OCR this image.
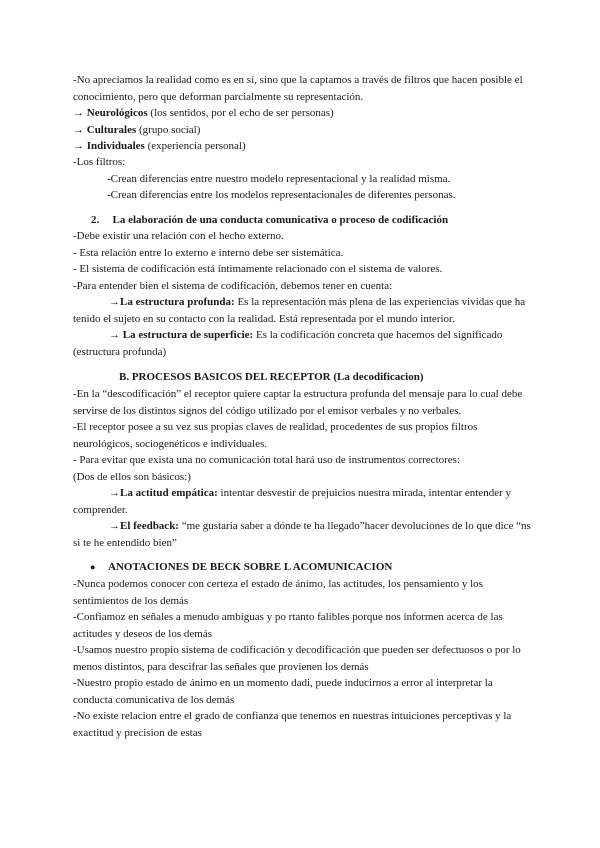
-No apreciamos la realidad como es en sí, sino que la captamos a través de filtros que hacen posible el conocimiento, pero que deforman parcialmente su representación.

→ Neurológicos (los sentidos, por el echo de ser personas)

→ Culturales (grupo social)

→ Individuales (experiencia personal)

-Los filtros:

-Crean diferencias entre nuestro modelo representacional y la realidad misma.

-Crean diferencias entre los modelos representacionales de diferentes personas.

2. La elaboración de una conducta comunicativa o proceso de codificación

-Debe existir una relación con el hecho externo.

- Esta relación entre lo externo e interno debe ser sistemática.

- El sistema de codificación está íntimamente relacionado con el sistema de valores.

-Para entender bien el sistema de codificación, debemos tener en cuenta:

→La estructura profunda: Es la representación más plena de las experiencias vividas que ha tenido el sujeto en su contacto con la realidad. Está representada por el mundo interior.

→ La estructura de superficie: Es la codificación concreta que hacemos del significado (estructura profunda)

B. PROCESOS BASICOS DEL RECEPTOR (La decodificacion)

-En la “descodificación” el receptor quiere captar la estructura profunda del mensaje para lo cual debe servirse de los distintos signos del código utilizado por el emisor verbales y no verbales.

-El receptor posee a su vez sus propias claves de realidad, procedentes de sus propios filtros neurológicos, sociogenéticos e individuales.

- Para evitar que exista una no comunicación total hará uso de instrumentos correctores:

(Dos de ellos son básicos:)

→La actitud empática: intentar desvestir de prejuicios nuestra mirada, intentar entender y comprender.

→El feedback: “me gustaria saber a dónde te ha llegado”hacer devoluciones de lo que dice “ns si te he entendido bien”

● ANOTACIONES DE BECK SOBRE L ACOMUNICACION

-Nunca podemos conocer con certeza el estado de ánimo, las actitudes, los pensamiento y los sentimientos de los demás

-Confiamoz en señales a menudo ambiguas y po rtanto falibles porque nos informen acerca de las actitudes y deseos de los demás

-Usamos nuestro propio sistema de codificación y decodificación que pueden ser defectuosos o por lo menos distintos, para descifrar las señales que provienen los demás

-Nuestro propio estado de ánimo en un momento dadi, puede inducirnos a error al interpretar la conducta comunicativa de los demás

-No existe relacion entre el grado de confianza que tenemos en nuestras intuiciones perceptivas y la exactitud y precision de estas
